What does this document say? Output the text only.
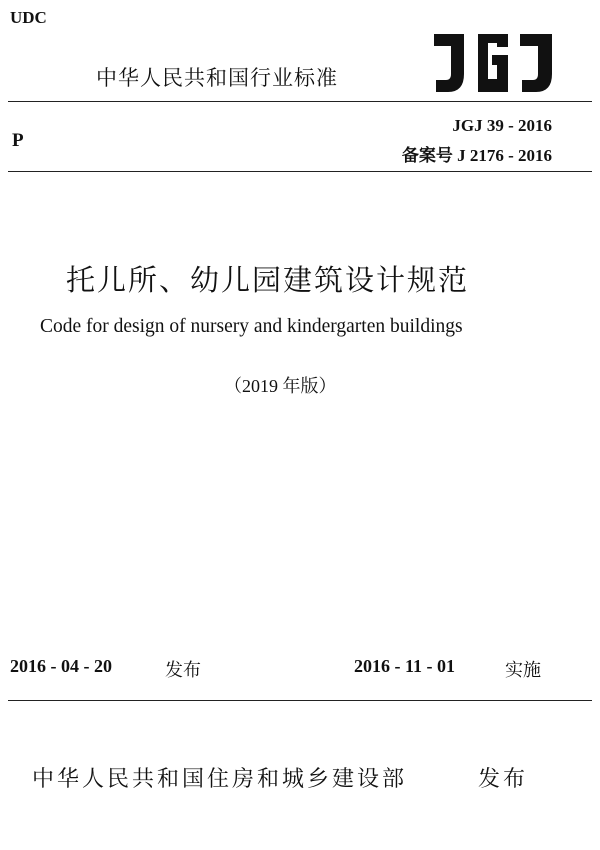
UDC
中华人民共和国行业标准
P
JGJ 39 - 2016
备案号 J 2176 - 2016
托儿所、幼儿园建筑设计规范
Code for design of nursery and kindergarten buildings
（2019 年版）
2016 - 04 - 20	发布	2016 - 11 - 01	实施
中华人民共和国住房和城乡建设部	发布
